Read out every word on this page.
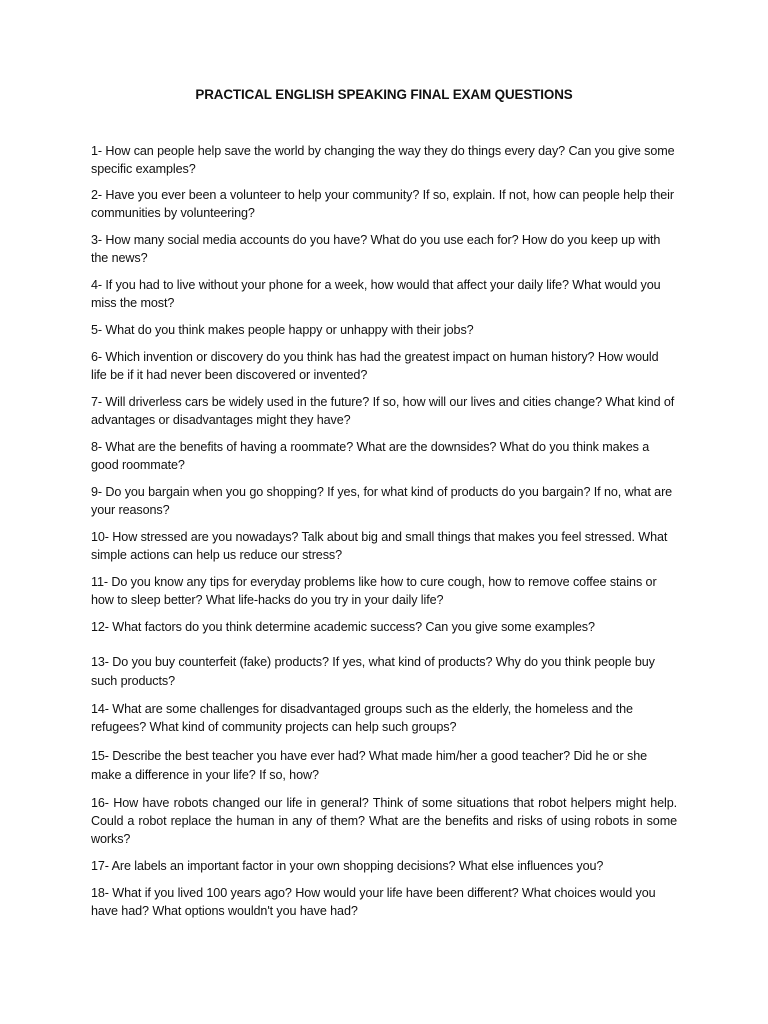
PRACTICAL ENGLISH SPEAKING FINAL EXAM QUESTIONS

1- How can people help save the world by changing the way they do things every day? Can you give some specific examples?

2- Have you ever been a volunteer to help your community? If so, explain. If not, how can people help their communities by volunteering?

3- How many social media accounts do you have? What do you use each for? How do you keep up with the news?

4- If you had to live without your phone for a week, how would that affect your daily life? What would you miss the most?

5- What do you think makes people happy or unhappy with their jobs?

6- Which invention or discovery do you think has had the greatest impact on human history? How would life be if it had never been discovered or invented?

7- Will driverless cars be widely used in the future? If so, how will our lives and cities change? What kind of advantages or disadvantages might they have?

8- What are the benefits of having a roommate? What are the downsides? What do you think makes a good roommate?

9- Do you bargain when you go shopping? If yes, for what kind of products do you bargain? If no, what are your reasons?

10- How stressed are you nowadays? Talk about big and small things that makes you feel stressed. What simple actions can help us reduce our stress?

11- Do you know any tips for everyday problems like how to cure cough, how to remove coffee stains or how to sleep better? What life-hacks do you try in your daily life?

12- What factors do you think determine academic success? Can you give some examples?

13- Do you buy counterfeit (fake) products? If yes, what kind of products? Why do you think people buy such products?

14- What are some challenges for disadvantaged groups such as the elderly, the homeless and the refugees? What kind of community projects can help such groups?

15- Describe the best teacher you have ever had? What made him/her a good teacher? Did he or she make a difference in your life? If so, how?

16- How have robots changed our life in general? Think of some situations that robot helpers might help. Could a robot replace the human in any of them? What are the benefits and risks of using robots in some works?

17- Are labels an important factor in your own shopping decisions? What else influences you?

18- What if you lived 100 years ago? How would your life have been different? What choices would you have had? What options wouldn't you have had?
